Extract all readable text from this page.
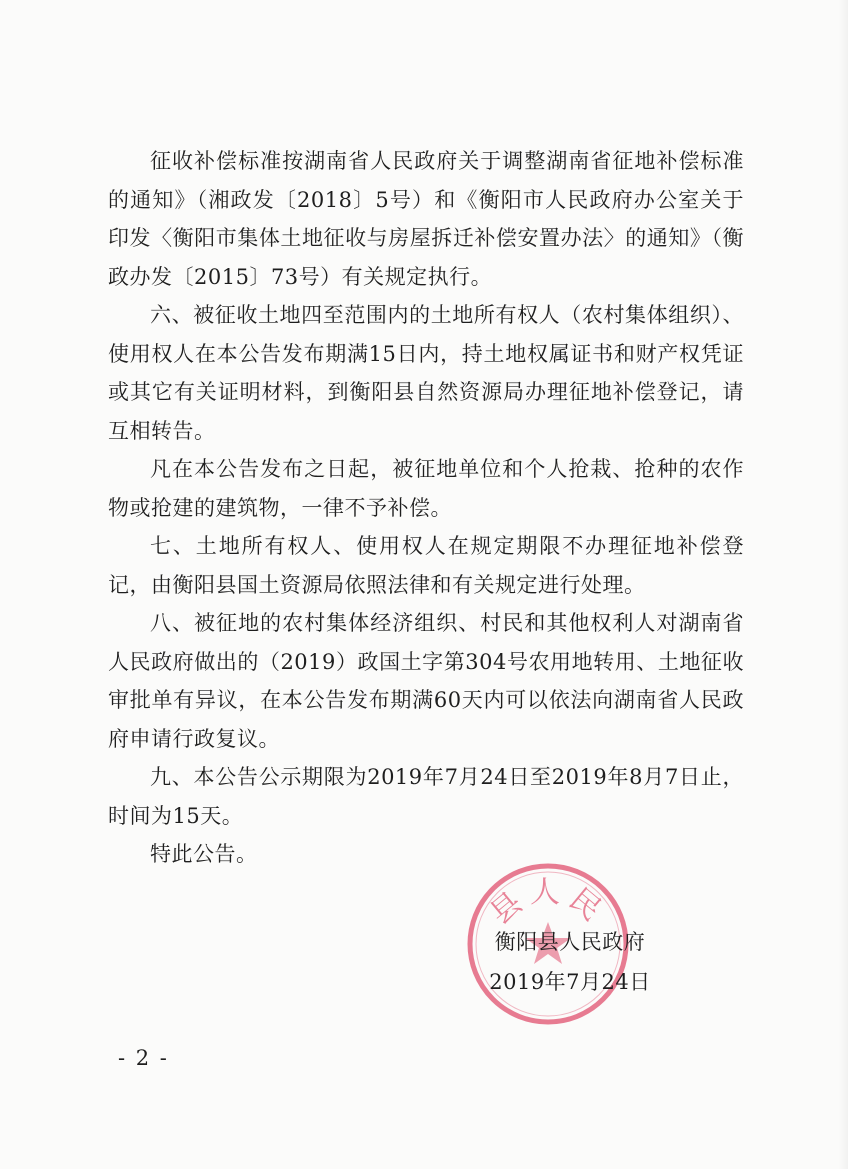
征收补偿标准按湖南省人民政府关于调整湖南省征地补偿标准的通知》（湘政发〔2018〕5号）和《衡阳市人民政府办公室关于印发〈衡阳市集体土地征收与房屋拆迁补偿安置办法〉的通知》（衡政办发〔2015〕73号）有关规定执行。

六、被征收土地四至范围内的土地所有权人（农村集体组织）、使用权人在本公告发布期满15日内，持土地权属证书和财产权凭证或其它有关证明材料，到衡阳县自然资源局办理征地补偿登记，请互相转告。

凡在本公告发布之日起，被征地单位和个人抢栽、抢种的农作物或抢建的建筑物，一律不予补偿。

七、土地所有权人、使用权人在规定期限不办理征地补偿登记，由衡阳县国土资源局依照法律和有关规定进行处理。

八、被征地的农村集体经济组织、村民和其他权利人对湖南省人民政府做出的（2019）政国土字第304号农用地转用、土地征收审批单有异议，在本公告发布期满60天内可以依法向湖南省人民政府申请行政复议。

九、本公告公示期限为2019年7月24日至2019年8月7日止，时间为15天。

特此公告。

县人民
衡阳县人民政府
2019年7月24日
- 2 -
